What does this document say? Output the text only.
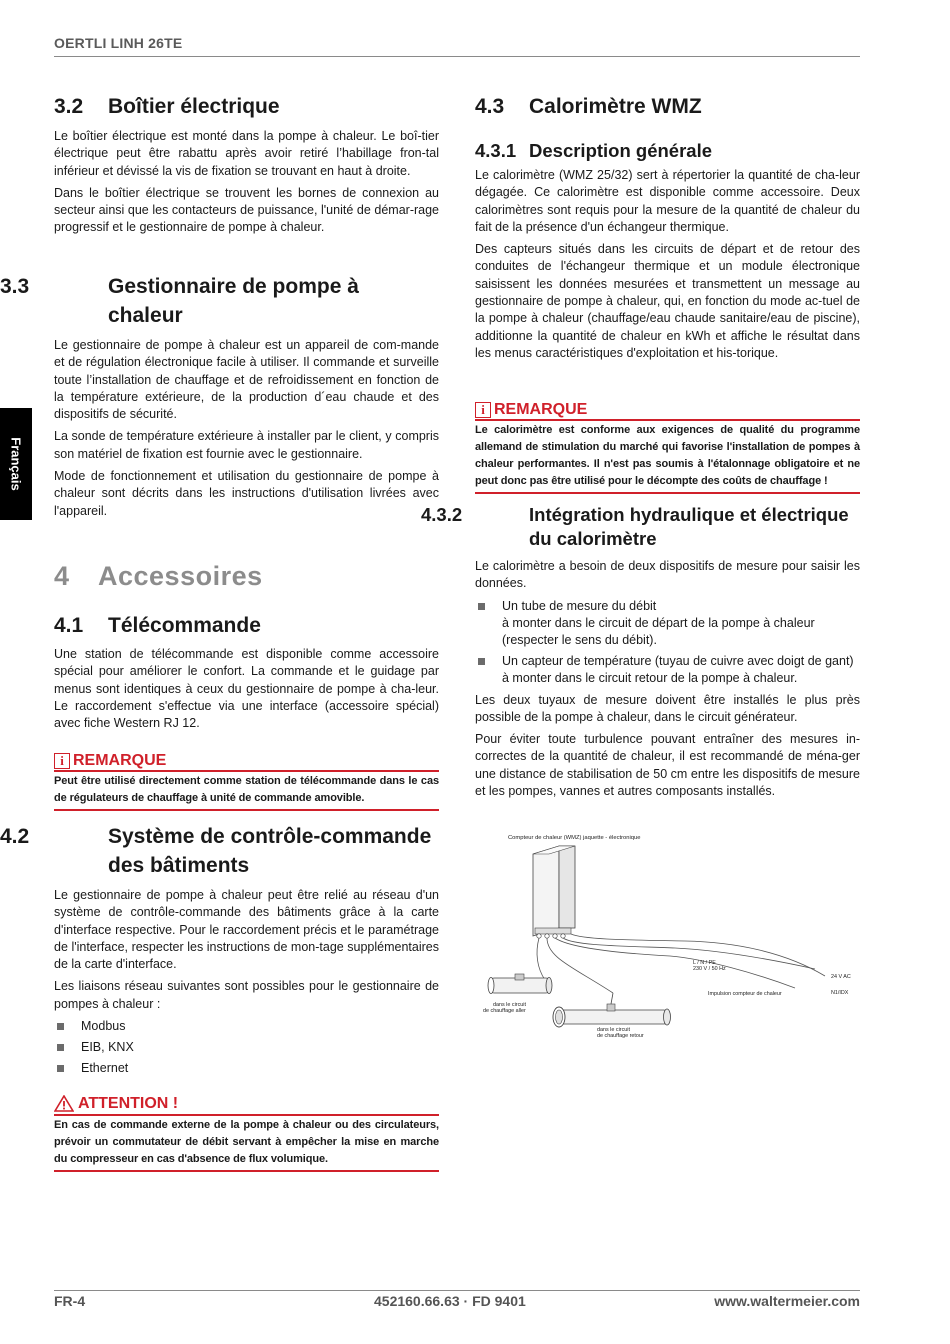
OERTLI LINH 26TE
Français
3.2 Boîtier électrique

Le boîtier électrique est monté dans la pompe à chaleur. Le boî-tier électrique peut être rabattu après avoir retiré l’habillage fron-tal inférieur et dévissé la vis de fixation se trouvant en haut à droite.

Dans le boîtier électrique se trouvent les bornes de connexion au secteur ainsi que les contacteurs de puissance, l'unité de démar-rage progressif et le gestionnaire de pompe à chaleur.

3.3	Gestionnaire de pompe à chaleur

Le gestionnaire de pompe à chaleur est un appareil de com-mande et de régulation électronique facile à utiliser. Il commande et surveille toute l’installation de chauffage et de refroidissement en fonction de la température extérieure, de la production d´eau chaude et des dispositifs de sécurité.

La sonde de température extérieure à installer par le client, y compris son matériel de fixation est fournie avec le gestionnaire.

Mode de fonctionnement et utilisation du gestionnaire de pompe à chaleur sont décrits dans les instructions d'utilisation livrées avec l'appareil.

4 Accessoires
4.1 Télécommande

Une station de télécommande est disponible comme accessoire spécial pour améliorer le confort. La commande et le guidage par menus sont identiques à ceux du gestionnaire de pompe à cha-leur. Le raccordement s'effectue via une interface (accessoire spécial) avec fiche Western RJ 12.

i REMARQUE
Peut être utilisé directement comme station de télécommande dans le cas de régulateurs de chauffage à unité de commande amovible.
4.2	Système de contrôle-commande des bâtiments

Le gestionnaire de pompe à chaleur peut être relié au réseau d'un système de contrôle-commande des bâtiments grâce à la carte d'interface respective. Pour le raccordement précis et le paramétrage de l'interface, respecter les instructions de mon-tage supplémentaires de la carte d'interface.

Les liaisons réseau suivantes sont possibles pour le gestionnaire de pompes à chaleur :

Modbus
EIB, KNX
Ethernet
ATTENTION !
En cas de commande externe de la pompe à chaleur ou des circulateurs, prévoir un commutateur de débit servant à empêcher la mise en marche du compresseur en cas d'absence de flux volumique.
4.3 Calorimètre WMZ
4.3.1 Description générale

Le calorimètre (WMZ 25/32) sert à répertorier la quantité de cha-leur dégagée. Ce calorimètre est disponible comme accessoire. Deux calorimètres sont requis pour la mesure de la quantité de chaleur du fait de la présence d'un échangeur thermique.

Des capteurs situés dans les circuits de départ et de retour des conduites de l'échangeur thermique et un module électronique saisissent les données mesurées et transmettent un message au gestionnaire de pompe à chaleur, qui, en fonction du mode ac-tuel de la pompe à chaleur (chauffage/eau chaude sanitaire/eau de piscine), additionne la quantité de chaleur en kWh et affiche le résultat dans les menus caractéristiques d'exploitation et his-torique.

i REMARQUE
Le calorimètre est conforme aux exigences de qualité du programme allemand de stimulation du marché qui favorise l'installation de pompes à chaleur performantes. Il n'est pas soumis à l'étalonnage obligatoire et ne peut donc pas être utilisé pour le décompte des coûts de chauffage !
4.3.2	Intégration hydraulique et électrique du calorimètre

Le calorimètre a besoin de deux dispositifs de mesure pour saisir les données.

Un tube de mesure du débit
à monter dans le circuit de départ de la pompe à chaleur (respecter le sens du débit).
Un capteur de température (tuyau de cuivre avec doigt de gant)
à monter dans le circuit retour de la pompe à chaleur.

Les deux tuyaux de mesure doivent être installés le plus près possible de la pompe à chaleur, dans le circuit générateur.

Pour éviter toute turbulence pouvant entraîner des mesures in-correctes de la quantité de chaleur, il est recommandé de ména-ger une distance de stabilisation de 50 cm entre les dispositifs de mesure et les pompes, vannes et autres composants installés.

Compteur de chaleur (WMZ) jaquette - électronique
L / N / PE
230 V / 50 Hz
24 V AC
N1/IDX
Impulsion compteur de chaleur
dans le circuit
de chauffage aller
dans le circuit
de chauffage retour
FR-4	452160.66.63 · FD 9401	www.waltermeier.com
